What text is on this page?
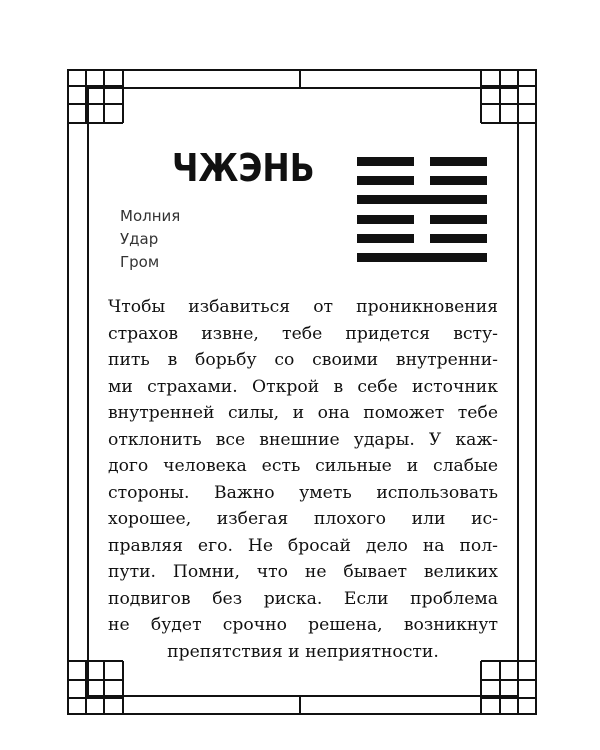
ЧЖЭНЬ
Молния
Удар
Гром
Чтобы избавиться от проникновения
страхов извне, тебе придется всту-
пить в борьбу со своими внутренни-
ми страхами. Открой в себе источник
внутренней силы, и она поможет тебе
отклонить все внешние удары. У каж-
дого человека есть сильные и слабые
стороны. Важно уметь использовать
хорошее, избегая плохого или ис-
правляя его. Не бросай дело на пол-
пути. Помни, что не бывает великих
подвигов без риска. Если проблема
не будет срочно решена, возникнут
препятствия и неприятности.
